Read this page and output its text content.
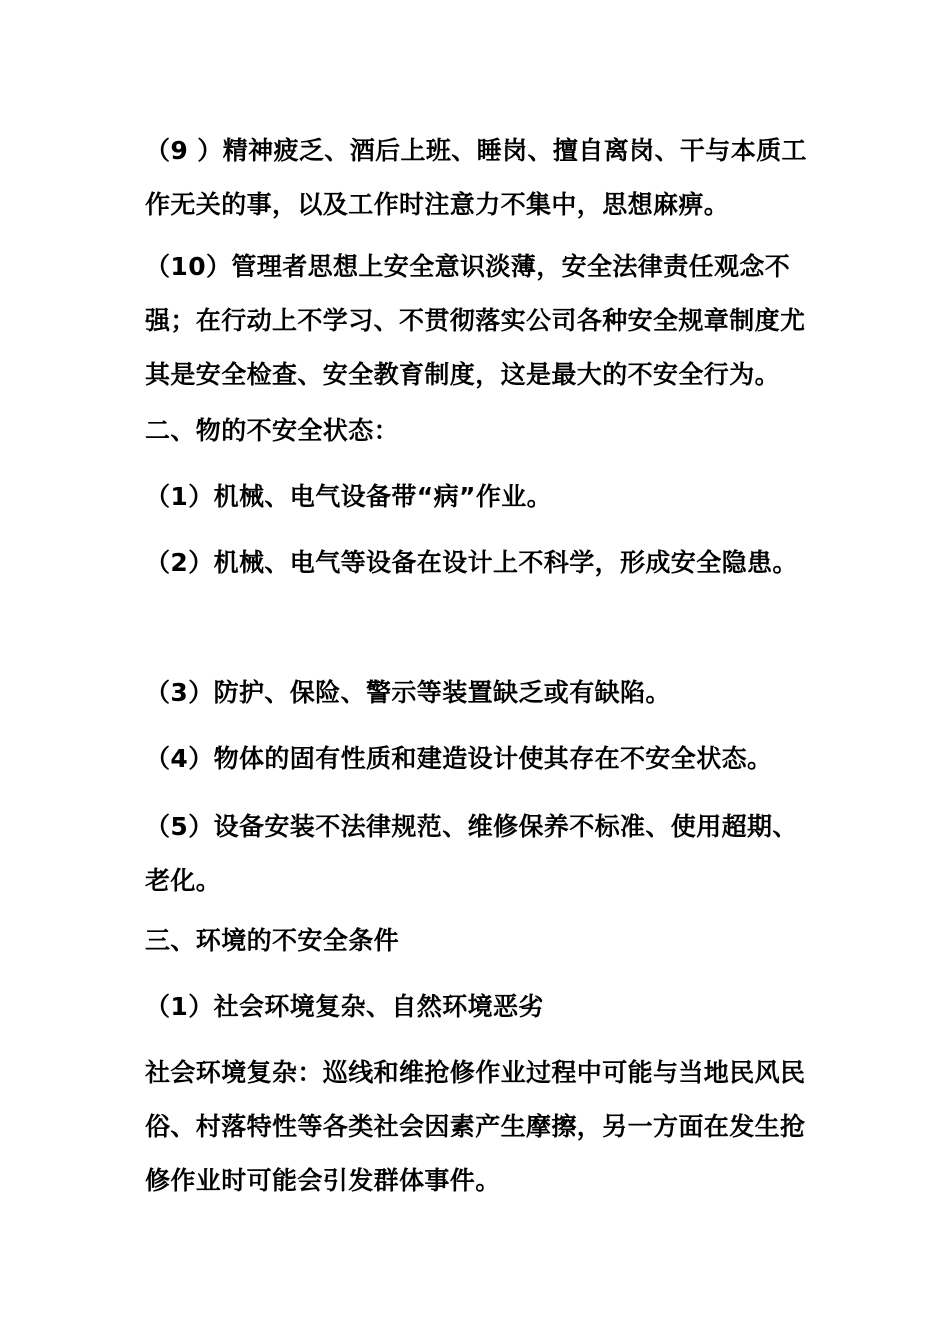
（9 ）精神疲乏、酒后上班、睡岗、擅自离岗、干与本质工作无关的事，以及工作时注意力不集中，思想麻痹。

（10）管理者思想上安全意识淡薄，安全法律责任观念不强；在行动上不学习、不贯彻落实公司各种安全规章制度尤其是安全检查、安全教育制度，这是最大的不安全行为。

二、物的不安全状态：

（1）机械、电气设备带“病”作业。

（2）机械、电气等设备在设计上不科学，形成安全隐患。

（3）防护、保险、警示等装置缺乏或有缺陷。

（4）物体的固有性质和建造设计使其存在不安全状态。

（5）设备安装不法律规范、维修保养不标准、使用超期、老化。

三、环境的不安全条件

（1）社会环境复杂、自然环境恶劣

社会环境复杂：巡线和维抢修作业过程中可能与当地民风民俗、村落特性等各类社会因素产生摩擦，另一方面在发生抢修作业时可能会引发群体事件。
